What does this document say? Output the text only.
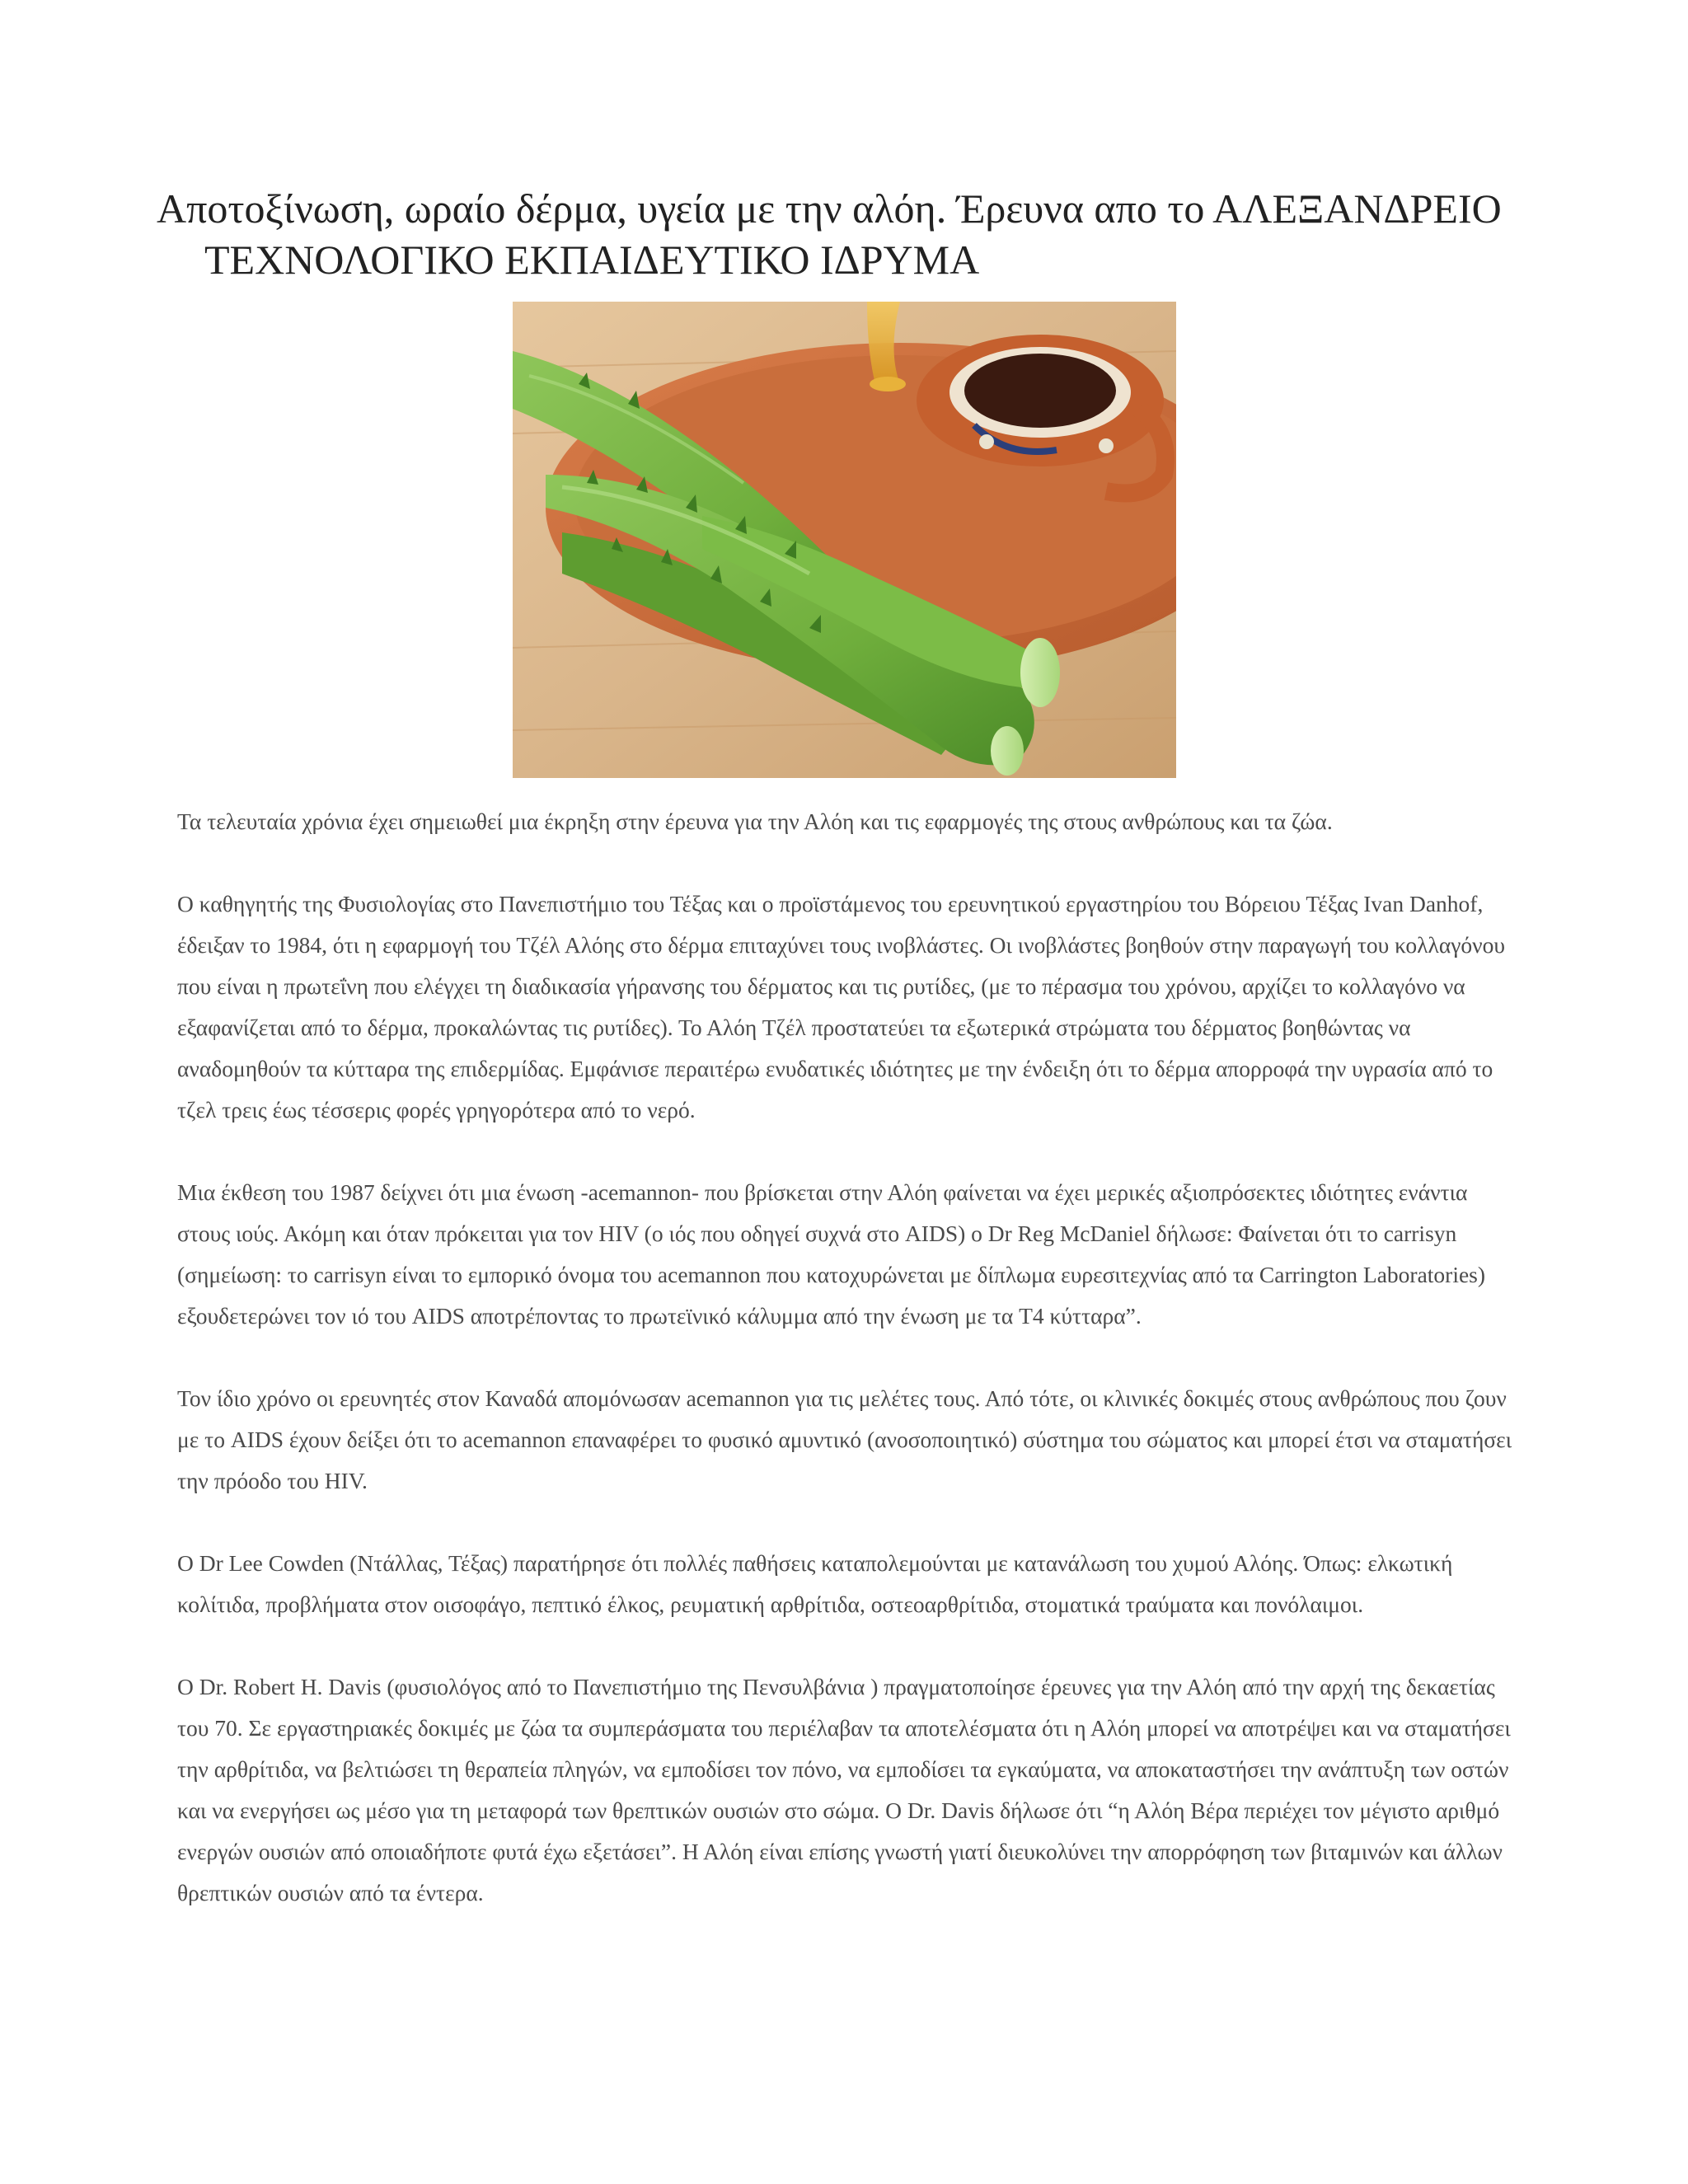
Αποτοξίνωση, ωραίο δέρμα, υγεία με την αλόη. Έρευνα απο το ΑΛΕΞΑΝΔΡΕΙΟ
ΤΕΧΝΟΛΟΓΙΚΟ ΕΚΠΑΙΔΕΥΤΙΚΟ ΙΔΡΥΜΑ

Τα τελευταία χρόνια έχει σημειωθεί μια έκρηξη στην έρευνα για την Αλόη και τις εφαρμογές της στους ανθρώπους και τα ζώα.

Ο καθηγητής της Φυσιολογίας στο Πανεπιστήμιο του Τέξας και ο προϊστάμενος του ερευνητικού εργαστηρίου του Βόρειου Τέξας Ivan Danhof, έδειξαν το 1984, ότι η εφαρμογή του Τζέλ Αλόης στο δέρμα επιταχύνει τους ινοβλάστες. Οι ινοβλάστες βοηθούν στην παραγωγή του κολλαγόνου που είναι η πρωτεΐνη που ελέγχει τη διαδικασία γήρανσης του δέρματος και τις ρυτίδες, (με το πέρασμα του χρόνου, αρχίζει το κολλαγόνο να εξαφανίζεται από το δέρμα, προκαλώντας τις ρυτίδες). Το Αλόη Τζέλ προστατεύει τα εξωτερικά στρώματα του δέρματος βοηθώντας να αναδομηθούν τα κύτταρα της επιδερμίδας. Εμφάνισε περαιτέρω ενυδατικές ιδιότητες με την ένδειξη ότι το δέρμα απορροφά την υγρασία από το τζελ τρεις έως τέσσερις φορές γρηγορότερα από το νερό.

Μια έκθεση του 1987 δείχνει ότι μια ένωση -acemannon- που βρίσκεται στην Αλόη φαίνεται να έχει μερικές αξιοπρόσεκτες ιδιότητες ενάντια στους ιούς. Ακόμη και όταν πρόκειται για τον HIV (ο ιός που οδηγεί συχνά στο AIDS) ο Dr Reg McDaniel δήλωσε: Φαίνεται ότι το carrisyn (σημείωση: το carrisyn είναι το εμπορικό όνομα του acemannon που κατοχυρώνεται με δίπλωμα ευρεσιτεχνίας από τα Carrington Laboratories) εξουδετερώνει τον ιό του AIDS αποτρέποντας το πρωτεϊνικό κάλυμμα από την ένωση με τα T4 κύτταρα”.

Τον ίδιο χρόνο οι ερευνητές στον Καναδά απομόνωσαν acemannon για τις μελέτες τους. Από τότε, οι κλινικές δοκιμές στους ανθρώπους που ζουν με το AIDS έχουν δείξει ότι το acemannon επαναφέρει το φυσικό αμυντικό (ανοσοποιητικό) σύστημα του σώματος και μπορεί έτσι να σταματήσει την πρόοδο του HIV.

O Dr Lee Cowden (Ντάλλας, Τέξας) παρατήρησε ότι πολλές παθήσεις καταπολεμούνται με κατανάλωση του χυμού Αλόης. Όπως: ελκωτική κολίτιδα, προβλήματα στον οισοφάγο, πεπτικό έλκος, ρευματική αρθρίτιδα, οστεοαρθρίτιδα, στοματικά τραύματα και πονόλαιμοι.

O Dr. Robert H. Davis (φυσιολόγος από το Πανεπιστήμιο της Πενσυλβάνια ) πραγματοποίησε έρευνες για την Αλόη από την αρχή της δεκαετίας του 70. Σε εργαστηριακές δοκιμές με ζώα τα συμπεράσματα του περιέλαβαν τα αποτελέσματα ότι η Αλόη μπορεί να αποτρέψει και να σταματήσει την αρθρίτιδα, να βελτιώσει τη θεραπεία πληγών, να εμποδίσει τον πόνο, να εμποδίσει τα εγκαύματα, να αποκαταστήσει την ανάπτυξη των οστών και να ενεργήσει ως μέσο για τη μεταφορά των θρεπτικών ουσιών στο σώμα. Ο Dr. Davis δήλωσε ότι “η Αλόη Βέρα περιέχει τον μέγιστο αριθμό ενεργών ουσιών από οποιαδήποτε φυτά έχω εξετάσει”. Η Αλόη είναι επίσης γνωστή γιατί διευκολύνει την απορρόφηση των βιταμινών και άλλων θρεπτικών ουσιών από τα έντερα.
